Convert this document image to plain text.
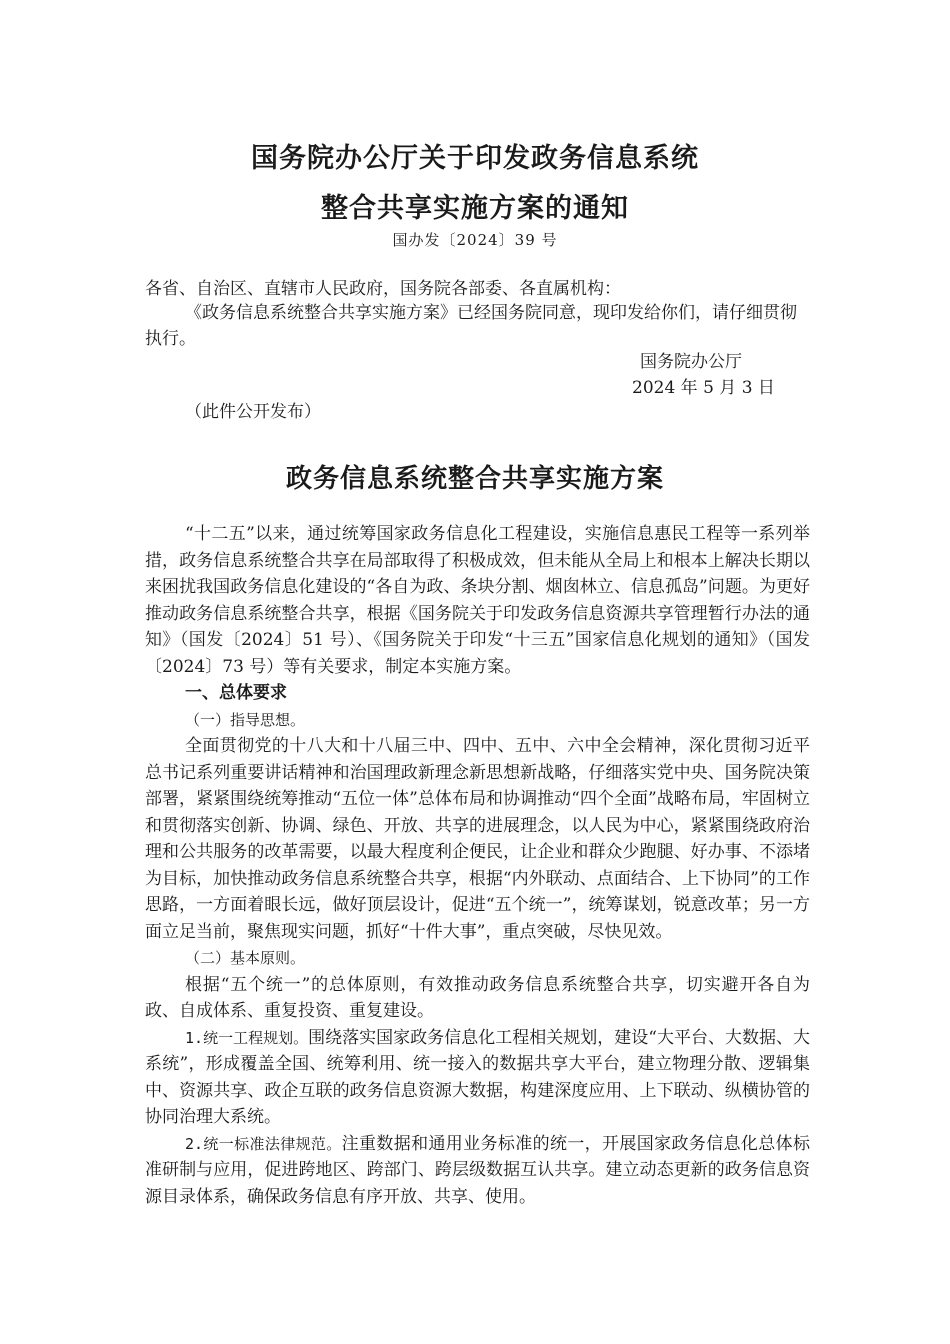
国务院办公厅关于印发政务信息系统
整合共享实施方案的通知
国办发〔2024〕39 号

各省、自治区、直辖市人民政府，国务院各部委、各直属机构：

《政务信息系统整合共享实施方案》已经国务院同意，现印发给你们，请仔细贯彻执行。

国务院办公厅
2024 年 5 月 3 日
（此件公开发布）
政务信息系统整合共享实施方案

“十二五”以来，通过统筹国家政务信息化工程建设，实施信息惠民工程等一系列举措，政务信息系统整合共享在局部取得了积极成效，但未能从全局上和根本上解决长期以来困扰我国政务信息化建设的“各自为政、条块分割、烟囱林立、信息孤岛”问题。为更好推动政务信息系统整合共享，根据《国务院关于印发政务信息资源共享管理暂行办法的通知》（国发〔2024〕51 号）、《国务院关于印发“十三五”国家信息化规划的通知》（国发〔2024〕73 号）等有关要求，制定本实施方案。

一、总体要求

（一）指导思想。

全面贯彻党的十八大和十八届三中、四中、五中、六中全会精神，深化贯彻习近平总书记系列重要讲话精神和治国理政新理念新思想新战略，仔细落实党中央、国务院决策部署，紧紧围绕统筹推动“五位一体”总体布局和协调推动“四个全面”战略布局，牢固树立和贯彻落实创新、协调、绿色、开放、共享的进展理念，以人民为中心，紧紧围绕政府治理和公共服务的改革需要，以最大程度利企便民，让企业和群众少跑腿、好办事、不添堵为目标，加快推动政务信息系统整合共享，根据“内外联动、点面结合、上下协同”的工作思路，一方面着眼长远，做好顶层设计，促进“五个统一”，统筹谋划，锐意改革；另一方面立足当前，聚焦现实问题，抓好“十件大事”，重点突破，尽快见效。

（二）基本原则。

根据“五个统一”的总体原则，有效推动政务信息系统整合共享，切实避开各自为政、自成体系、重复投资、重复建设。

1.统一工程规划。围绕落实国家政务信息化工程相关规划，建设“大平台、大数据、大系统”，形成覆盖全国、统筹利用、统一接入的数据共享大平台，建立物理分散、逻辑集中、资源共享、政企互联的政务信息资源大数据，构建深度应用、上下联动、纵横协管的协同治理大系统。

2.统一标准法律规范。注重数据和通用业务标准的统一，开展国家政务信息化总体标准研制与应用，促进跨地区、跨部门、跨层级数据互认共享。建立动态更新的政务信息资源目录体系，确保政务信息有序开放、共享、使用。
